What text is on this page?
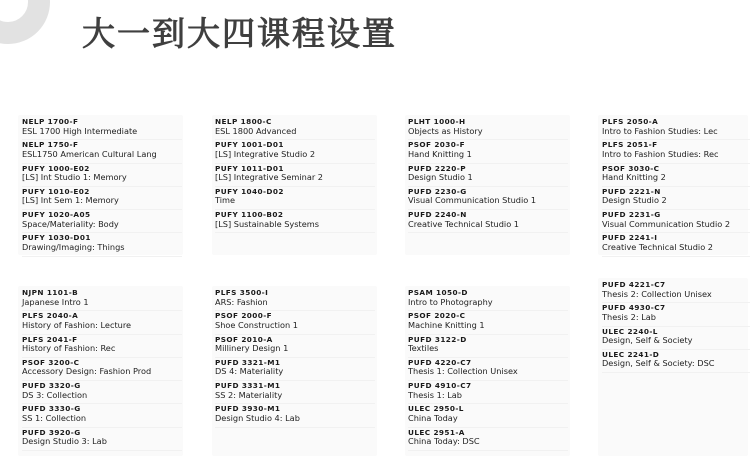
大一到大四课程设置
NELP 1700-F
ESL 1700 High Intermediate
NELP 1750-F
ESL1750 American Cultural Lang
PUFY 1000-E02
[LS] Int Studio 1: Memory
PUFY 1010-E02
[LS] Int Sem 1: Memory
PUFY 1020-A05
Space/Materiality: Body
PUFY 1030-D01
Drawing/Imaging: Things
NELP 1800-C
ESL 1800 Advanced
PUFY 1001-D01
[LS] Integrative Studio 2
PUFY 1011-D01
[LS] Integrative Seminar 2
PUFY 1040-D02
Time
PUFY 1100-B02
[LS] Sustainable Systems
PLHT 1000-H
Objects as History
PSOF 2030-F
Hand Knitting 1
PUFD 2220-P
Design Studio 1
PUFD 2230-G
Visual Communication Studio 1
PUFD 2240-N
Creative Technical Studio 1
PLFS 2050-A
Intro to Fashion Studies: Lec
PLFS 2051-F
Intro to Fashion Studies: Rec
PSOF 3030-C
Hand Knitting 2
PUFD 2221-N
Design Studio 2
PUFD 2231-G
Visual Communication Studio 2
PUFD 2241-I
Creative Technical Studio 2
NJPN 1101-B
Japanese Intro 1
PLFS 2040-A
History of Fashion: Lecture
PLFS 2041-F
History of Fashion: Rec
PSOF 3200-C
Accessory Design: Fashion Prod
PUFD 3320-G
DS 3: Collection
PUFD 3330-G
SS 1: Collection
PUFD 3920-G
Design Studio 3: Lab
PLFS 3500-I
ARS: Fashion
PSOF 2000-F
Shoe Construction 1
PSOF 2010-A
Millinery Design 1
PUFD 3321-M1
DS 4: Materiality
PUFD 3331-M1
SS 2: Materiality
PUFD 3930-M1
Design Studio 4: Lab
PSAM 1050-D
Intro to Photography
PSOF 2020-C
Machine Knitting 1
PUFD 3122-D
Textiles
PUFD 4220-C7
Thesis 1: Collection Unisex
PUFD 4910-C7
Thesis 1: Lab
ULEC 2950-L
China Today
ULEC 2951-A
China Today: DSC
PUFD 4221-C7
Thesis 2: Collection Unisex
PUFD 4930-C7
Thesis 2: Lab
ULEC 2240-L
Design, Self & Society
ULEC 2241-D
Design, Self & Society: DSC
